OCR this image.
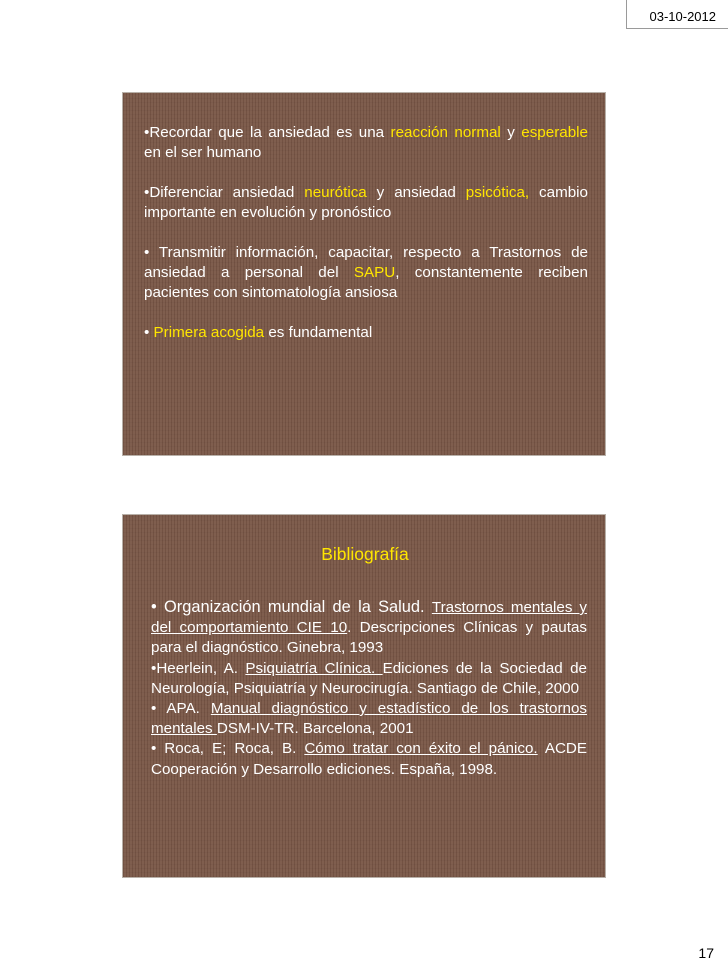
03-10-2012

•Recordar que la ansiedad es una reacción normal y esperable en el ser humano

•Diferenciar ansiedad neurótica y ansiedad psicótica, cambio importante en evolución y pronóstico

• Transmitir información, capacitar, respecto a Trastornos de ansiedad a personal del SAPU, constantemente reciben pacientes con sintomatología ansiosa

• Primera acogida es fundamental

Bibliografía

• Organización mundial de la Salud. Trastornos mentales y del comportamiento CIE 10. Descripciones Clínicas y pautas para el diagnóstico. Ginebra, 1993

•Heerlein, A. Psiquiatría Clínica. Ediciones de la Sociedad de Neurología, Psiquiatría y Neurocirugía. Santiago de Chile, 2000

• APA. Manual diagnóstico y estadístico de los trastornos mentales DSM-IV-TR. Barcelona, 2001

• Roca, E; Roca, B. Cómo tratar con éxito el pánico. ACDE Cooperación y Desarrollo ediciones. España, 1998.

17
